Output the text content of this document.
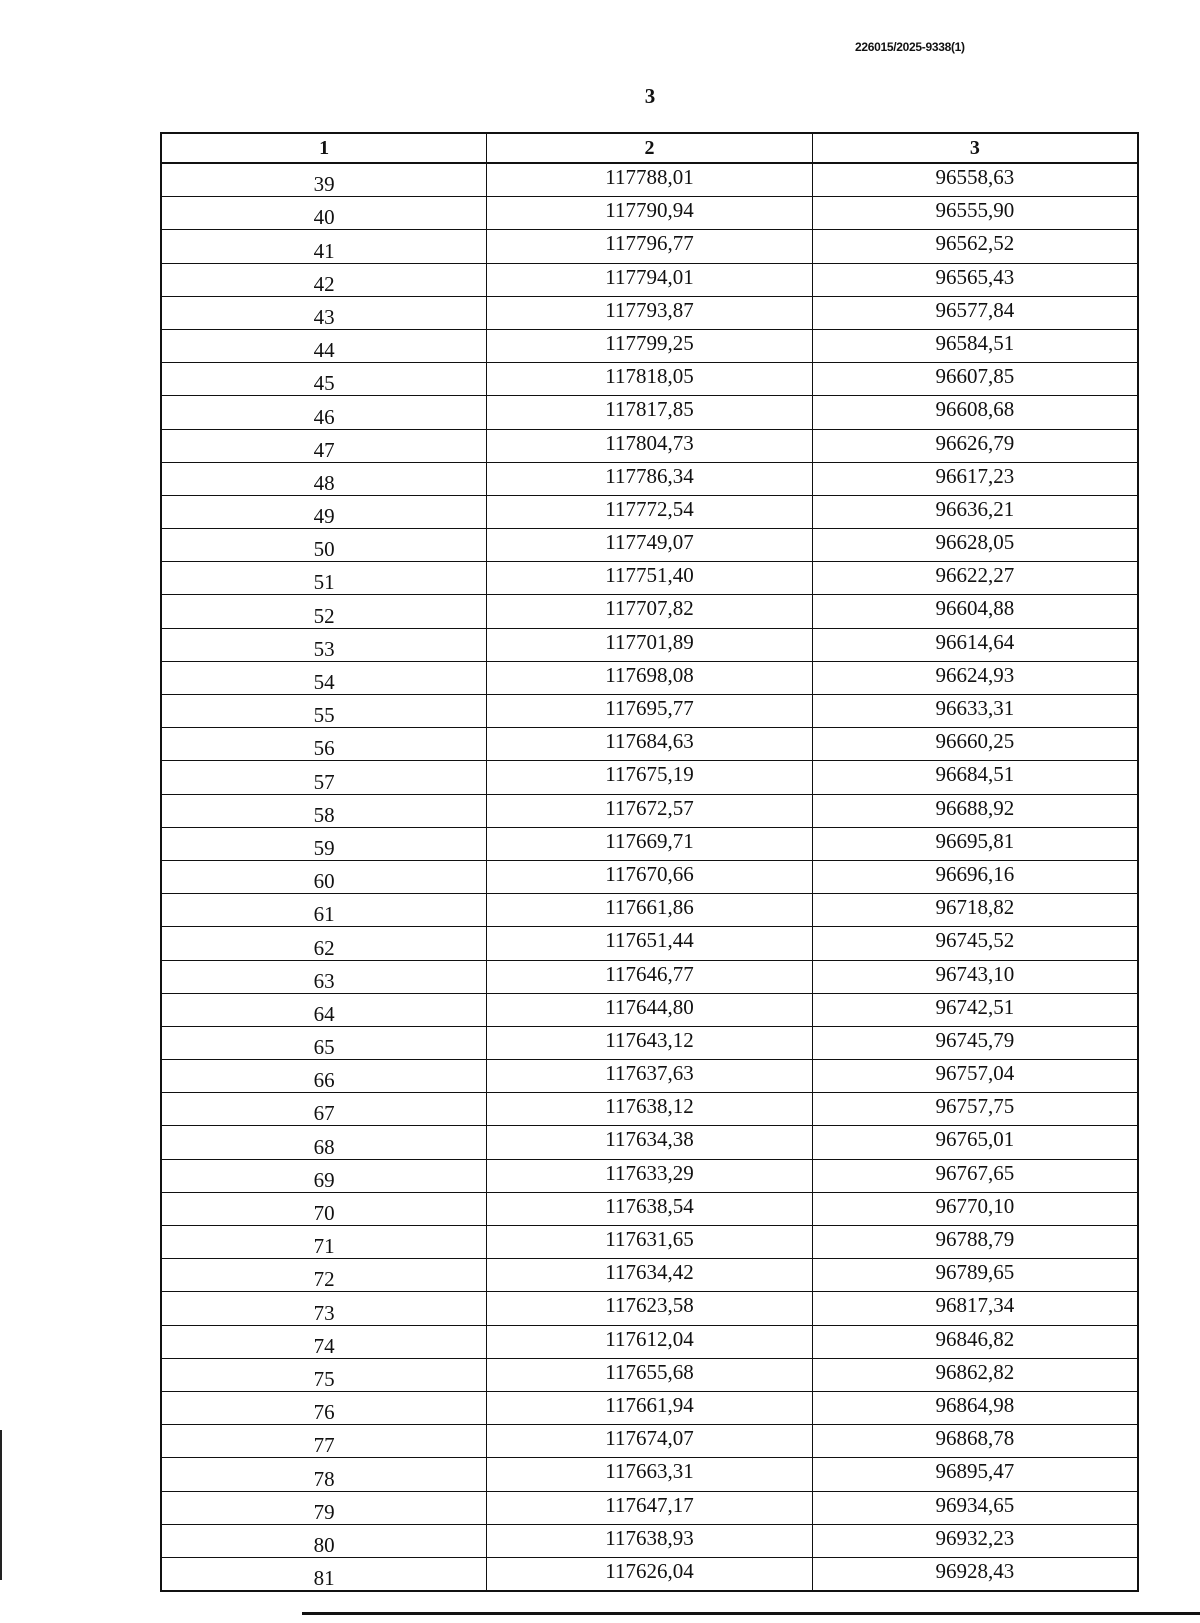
226015/2025-9338(1)
3
1	2	3
39	117788,01	96558,63
40	117790,94	96555,90
41	117796,77	96562,52
42	117794,01	96565,43
43	117793,87	96577,84
44	117799,25	96584,51
45	117818,05	96607,85
46	117817,85	96608,68
47	117804,73	96626,79
48	117786,34	96617,23
49	117772,54	96636,21
50	117749,07	96628,05
51	117751,40	96622,27
52	117707,82	96604,88
53	117701,89	96614,64
54	117698,08	96624,93
55	117695,77	96633,31
56	117684,63	96660,25
57	117675,19	96684,51
58	117672,57	96688,92
59	117669,71	96695,81
60	117670,66	96696,16
61	117661,86	96718,82
62	117651,44	96745,52
63	117646,77	96743,10
64	117644,80	96742,51
65	117643,12	96745,79
66	117637,63	96757,04
67	117638,12	96757,75
68	117634,38	96765,01
69	117633,29	96767,65
70	117638,54	96770,10
71	117631,65	96788,79
72	117634,42	96789,65
73	117623,58	96817,34
74	117612,04	96846,82
75	117655,68	96862,82
76	117661,94	96864,98
77	117674,07	96868,78
78	117663,31	96895,47
79	117647,17	96934,65
80	117638,93	96932,23
81	117626,04	96928,43
